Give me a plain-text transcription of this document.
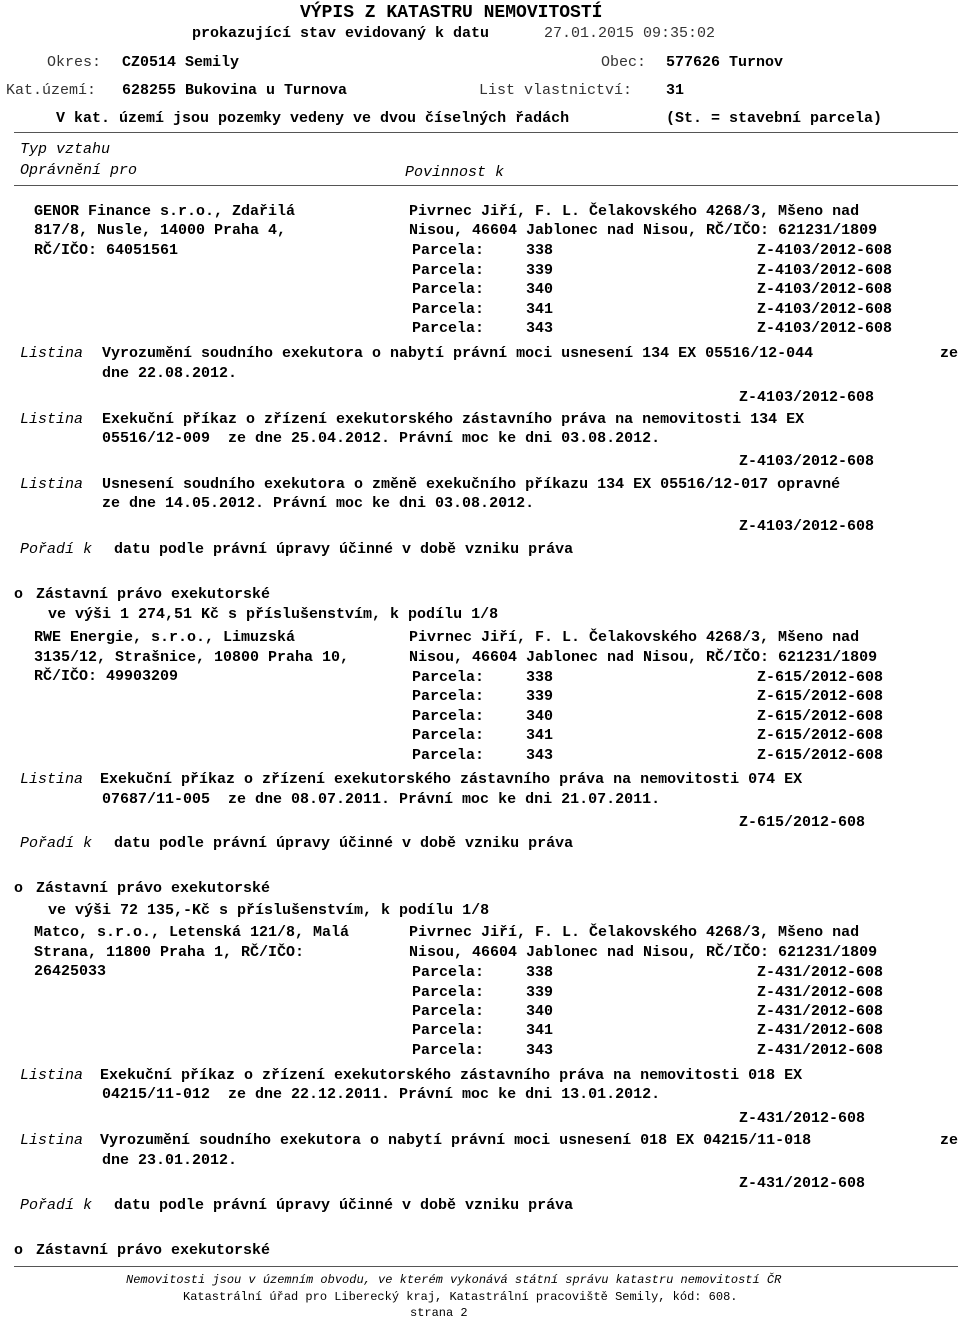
VÝPIS Z KATASTRU NEMOVITOSTÍ
prokazující stav evidovaný k datu	27.01.2015 09:35:02
Okres: CZ0514 Semily	Obec: 577626 Turnov
Kat.území: 628255 Bukovina u Turnova	List vlastnictví: 31
V kat. území jsou pozemky vedeny ve dvou číselných řadách	(St. = stavební parcela)
Typ vztahu
Oprávnění pro	Povinnost k
GENOR Finance s.r.o., Zdařilá
817/8, Nusle, 14000 Praha 4,
RČ/IČO: 64051561
Pivrnec Jiří, F. L. Čelakovského 4268/3, Mšeno nad
Nisou, 46604 Jablonec nad Nisou, RČ/IČO: 621231/1809
Parcela:	338	Z-4103/2012-608
Parcela:	339	Z-4103/2012-608
Parcela:	340	Z-4103/2012-608
Parcela:	341	Z-4103/2012-608
Parcela:	343	Z-4103/2012-608
Listina Vyrozumění soudního exekutora o nabytí právní moci usnesení 134 EX 05516/12-044	ze
dne 22.08.2012.
Z-4103/2012-608
Listina Exekuční příkaz o zřízení exekutorského zástavního práva na nemovitosti 134 EX
05516/12-009  ze dne 25.04.2012. Právní moc ke dni 03.08.2012.
Z-4103/2012-608
Listina Usnesení soudního exekutora o změně exekučního příkazu 134 EX 05516/12-017 opravné
ze dne 14.05.2012. Právní moc ke dni 03.08.2012.
Z-4103/2012-608
Pořadí k datu podle právní úpravy účinné v době vzniku práva
o Zástavní právo exekutorské
ve výši 1 274,51 Kč s příslušenstvím, k podílu 1/8
RWE Energie, s.r.o., Limuzská
3135/12, Strašnice, 10800 Praha 10,
RČ/IČO: 49903209
Pivrnec Jiří, F. L. Čelakovského 4268/3, Mšeno nad
Nisou, 46604 Jablonec nad Nisou, RČ/IČO: 621231/1809
Parcela:	338	Z-615/2012-608
Parcela:	339	Z-615/2012-608
Parcela:	340	Z-615/2012-608
Parcela:	341	Z-615/2012-608
Parcela:	343	Z-615/2012-608
Listina Exekuční příkaz o zřízení exekutorského zástavního práva na nemovitosti 074 EX
07687/11-005  ze dne 08.07.2011. Právní moc ke dni 21.07.2011.
Z-615/2012-608
Pořadí k datu podle právní úpravy účinné v době vzniku práva
o Zástavní právo exekutorské
ve výši 72 135,-Kč s příslušenstvím, k podílu 1/8
Matco, s.r.o., Letenská 121/8, Malá
Strana, 11800 Praha 1, RČ/IČO:
26425033
Pivrnec Jiří, F. L. Čelakovského 4268/3, Mšeno nad
Nisou, 46604 Jablonec nad Nisou, RČ/IČO: 621231/1809
Parcela:	338	Z-431/2012-608
Parcela:	339	Z-431/2012-608
Parcela:	340	Z-431/2012-608
Parcela:	341	Z-431/2012-608
Parcela:	343	Z-431/2012-608
Listina Exekuční příkaz o zřízení exekutorského zástavního práva na nemovitosti 018 EX
04215/11-012  ze dne 22.12.2011. Právní moc ke dni 13.01.2012.
Z-431/2012-608
Listina Vyrozumění soudního exekutora o nabytí právní moci usnesení 018 EX 04215/11-018	ze
dne 23.01.2012.
Z-431/2012-608
Pořadí k datu podle právní úpravy účinné v době vzniku práva
o Zástavní právo exekutorské
Nemovitosti jsou v územním obvodu, ve kterém vykonává státní správu katastru nemovitostí ČR
Katastrální úřad pro Liberecký kraj, Katastrální pracoviště Semily, kód: 608.
strana 2
